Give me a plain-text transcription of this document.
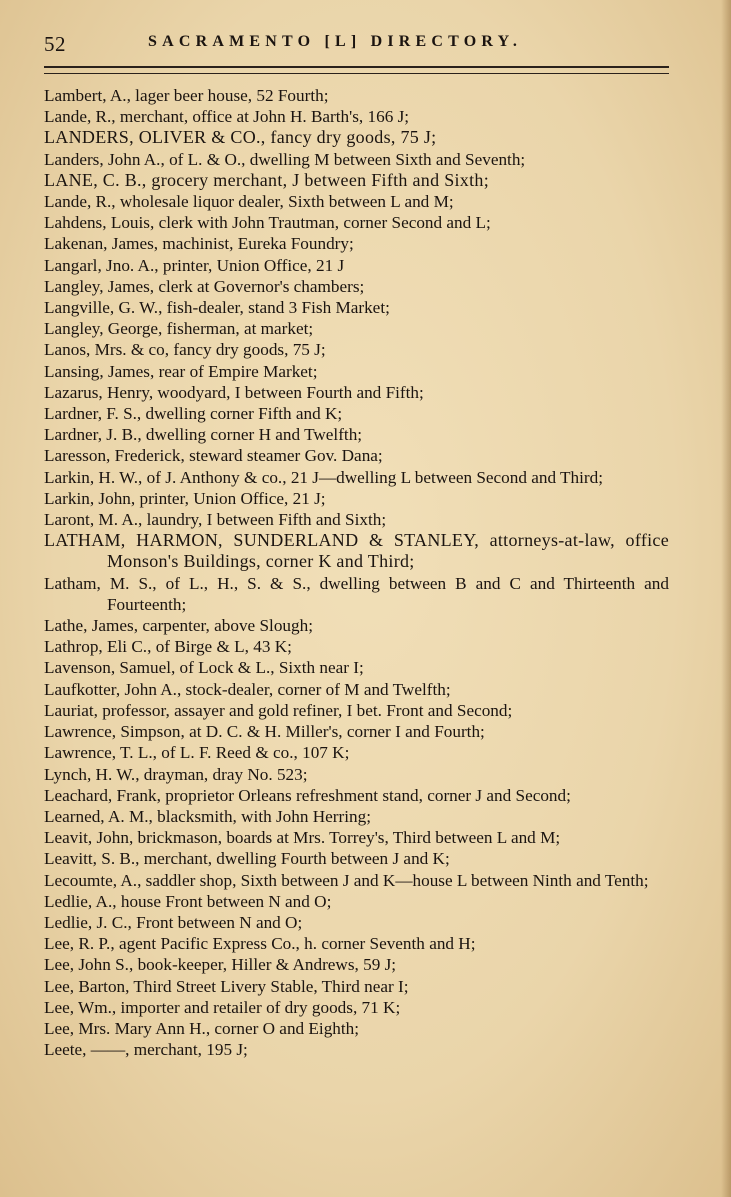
52	SACRAMENTO [L] DIRECTORY.
Lambert, A., lager beer house, 52 Fourth;
Lande, R., merchant, office at John H. Barth's, 166 J;
LANDERS, OLIVER & CO., fancy dry goods, 75 J;
Landers, John A., of L. & O., dwelling M between Sixth and Seventh;
LANE, C. B., grocery merchant, J between Fifth and Sixth;
Lande, R., wholesale liquor dealer, Sixth between L and M;
Lahdens, Louis, clerk with John Trautman, corner Second and L;
Lakenan, James, machinist, Eureka Foundry;
Langarl, Jno. A., printer, Union Office, 21 J
Langley, James, clerk at Governor's chambers;
Langville, G. W., fish-dealer, stand 3 Fish Market;
Langley, George, fisherman, at market;
Lanos, Mrs. & co, fancy dry goods, 75 J;
Lansing, James, rear of Empire Market;
Lazarus, Henry, woodyard, I between Fourth and Fifth;
Lardner, F. S., dwelling corner Fifth and K;
Lardner, J. B., dwelling corner H and Twelfth;
Laresson, Frederick, steward steamer Gov. Dana;
Larkin, H. W., of J. Anthony & co., 21 J—dwelling L between Second and Third;
Larkin, John, printer, Union Office, 21 J;
Laront, M. A., laundry, I between Fifth and Sixth;
LATHAM, HARMON, SUNDERLAND & STANLEY, attorneys-at-law, office Monson's Buildings, corner K and Third;
Latham, M. S., of L., H., S. & S., dwelling between B and C and Thirteenth and Fourteenth;
Lathe, James, carpenter, above Slough;
Lathrop, Eli C., of Birge & L, 43 K;
Lavenson, Samuel, of Lock & L., Sixth near I;
Laufkotter, John A., stock-dealer, corner of M and Twelfth;
Lauriat, professor, assayer and gold refiner, I bet. Front and Second;
Lawrence, Simpson, at D. C. & H. Miller's, corner I and Fourth;
Lawrence, T. L., of L. F. Reed & co., 107 K;
Lynch, H. W., drayman, dray No. 523;
Leachard, Frank, proprietor Orleans refreshment stand, corner J and Second;
Learned, A. M., blacksmith, with John Herring;
Leavit, John, brickmason, boards at Mrs. Torrey's, Third between L and M;
Leavitt, S. B., merchant, dwelling Fourth between J and K;
Lecoumte, A., saddler shop, Sixth between J and K—house L between Ninth and Tenth;
Ledlie, A., house Front between N and O;
Ledlie, J. C., Front between N and O;
Lee, R. P., agent Pacific Express Co., h. corner Seventh and H;
Lee, John S., book-keeper, Hiller & Andrews, 59 J;
Lee, Barton, Third Street Livery Stable, Third near I;
Lee, Wm., importer and retailer of dry goods, 71 K;
Lee, Mrs. Mary Ann H., corner O and Eighth;
Leete, ——, merchant, 195 J;
